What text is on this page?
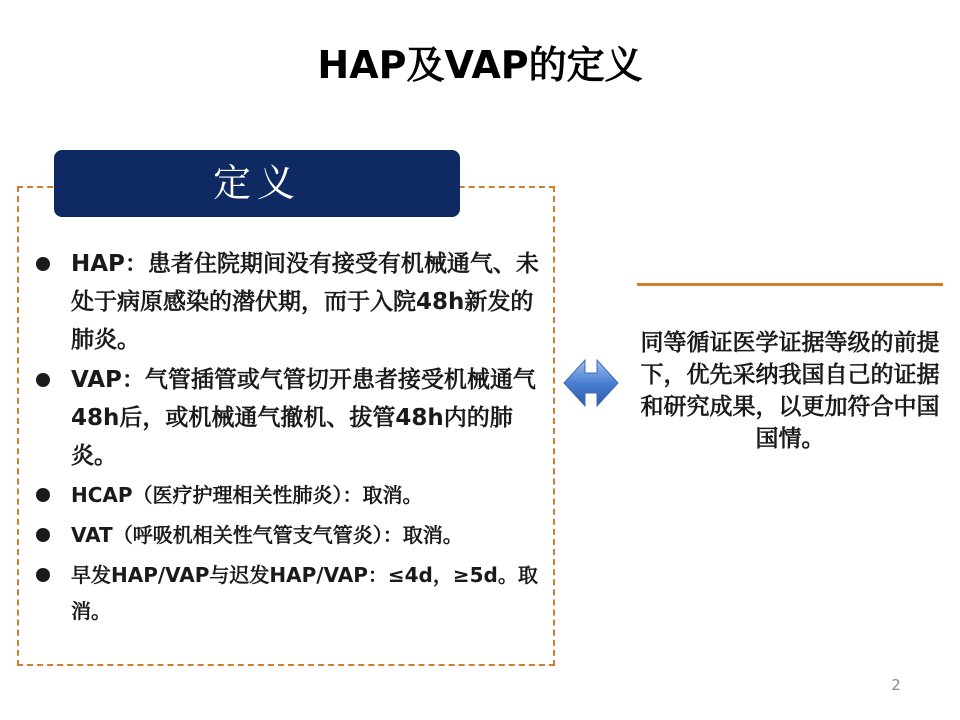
HAP及VAP的定义
定义
HAP：患者住院期间没有接受有机械通气、未处于病原感染的潜伏期，而于入院48h新发的肺炎。
VAP：气管插管或气管切开患者接受机械通气48h后，或机械通气撤机、拔管48h内的肺炎。
HCAP（医疗护理相关性肺炎）：取消。
VAT（呼吸机相关性气管支气管炎）：取消。
早发HAP/VAP与迟发HAP/VAP：≤4d，≥5d。取消。
同等循证医学证据等级的前提下，优先采纳我国自己的证据和研究成果，以更加符合中国国情。
2
